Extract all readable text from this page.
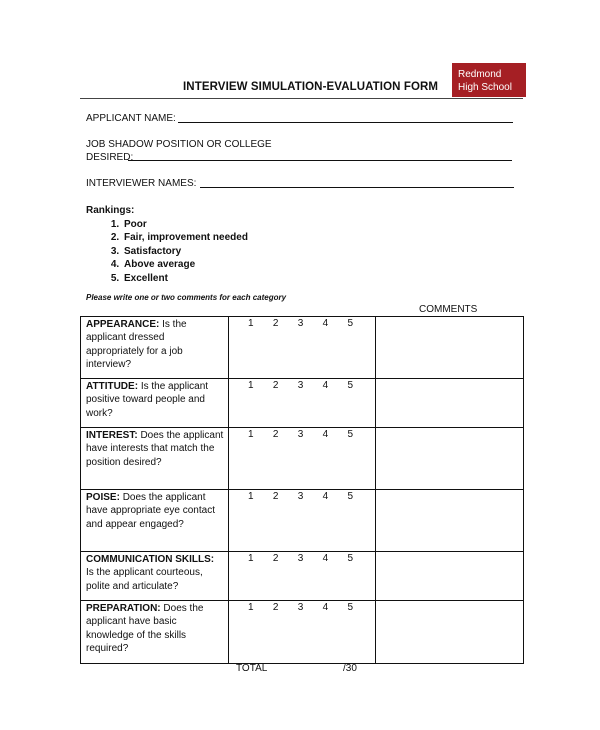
INTERVIEW SIMULATION-EVALUATION FORM
Redmond
High School
APPLICANT NAME:
JOB SHADOW POSITION OR COLLEGE
DESIRED:
INTERVIEWER NAMES:
Rankings:
1. Poor
2. Fair, improvement needed
3. Satisfactory
4. Above average
5. Excellent
Please write one or two comments for each category
COMMENTS
APPEARANCE: Is the applicant dressed appropriately for a job interview?	1 2 3 4 5	

ATTITUDE: Is the applicant positive toward people and work?	1 2 3 4 5	

INTEREST: Does the applicant have interests that match the position desired?	1 2 3 4 5	

POISE: Does the applicant have appropriate eye contact and appear engaged?	1 2 3 4 5	

COMMUNICATION SKILLS: Is the applicant courteous, polite and articulate?	1 2 3 4 5	

PREPARATION: Does the applicant have basic knowledge of the skills required?	1 2 3 4 5	

TOTAL	/30
